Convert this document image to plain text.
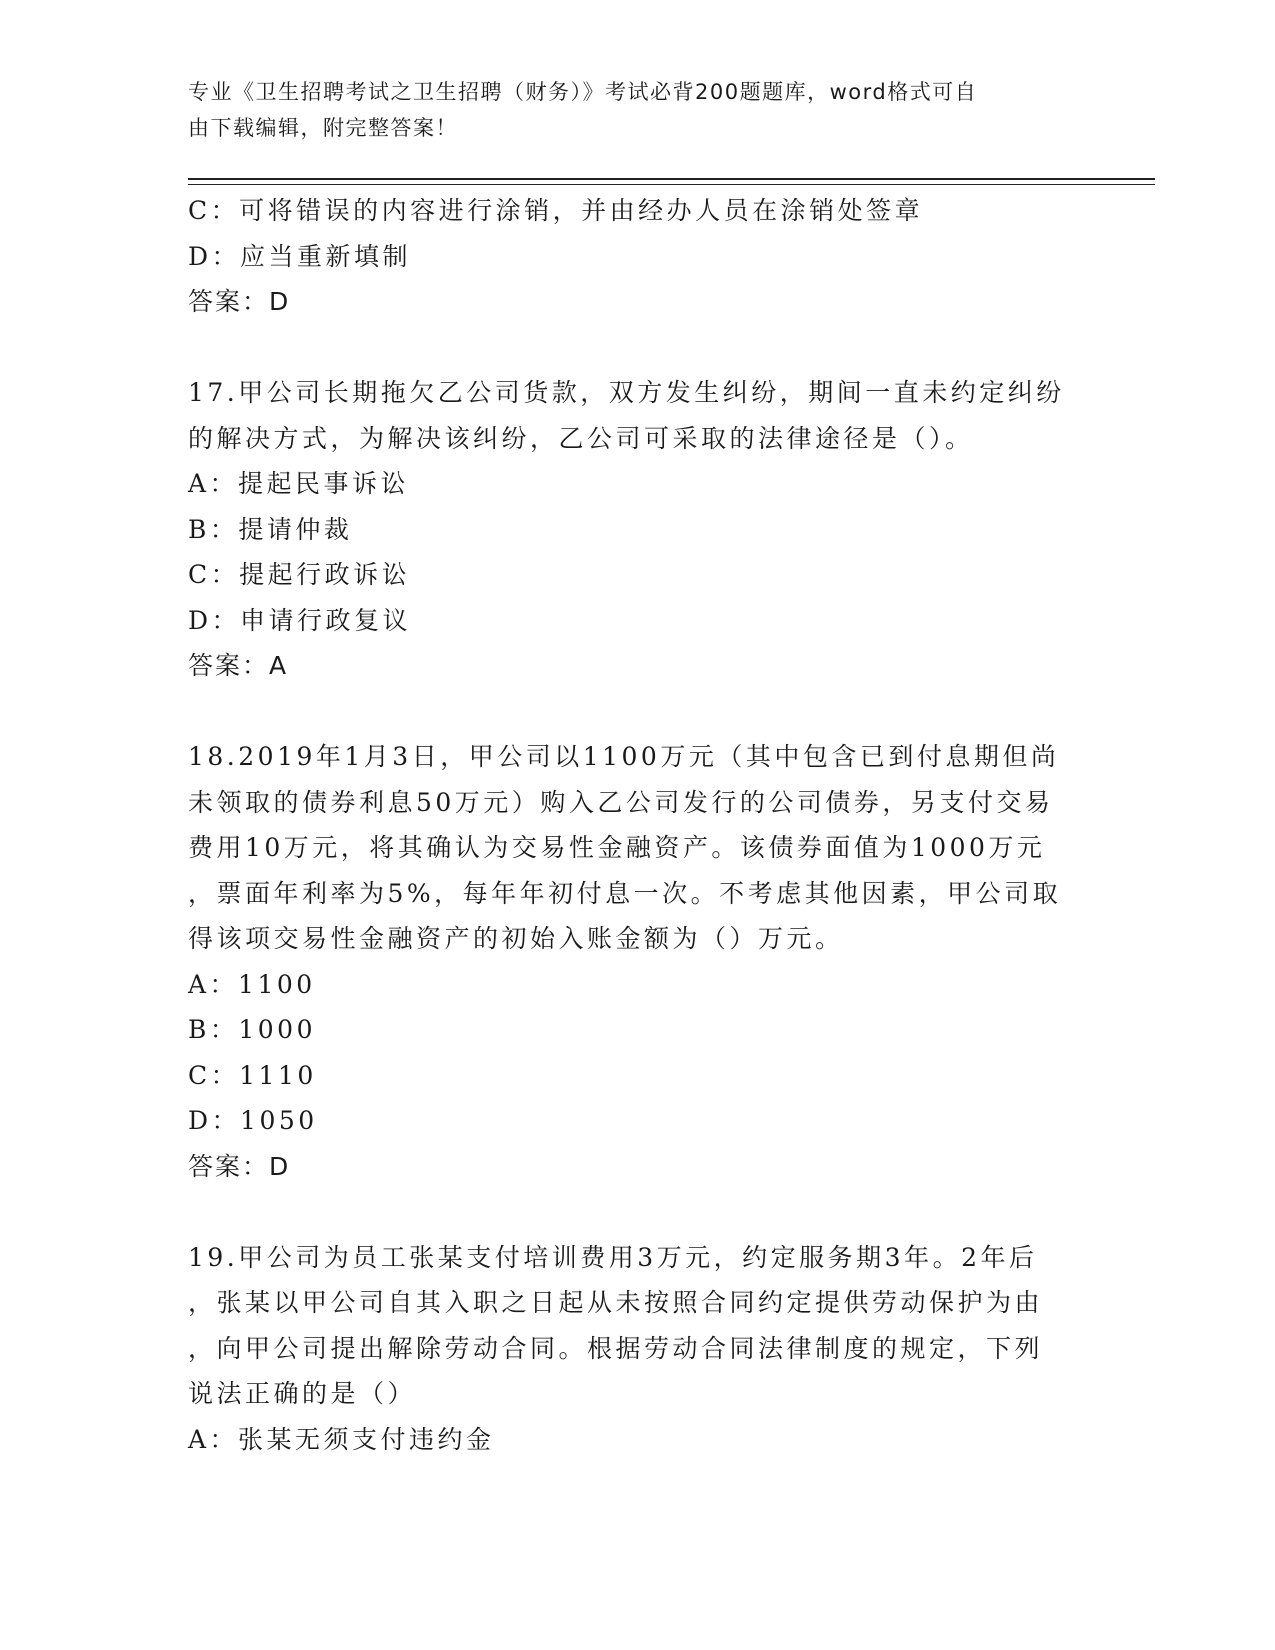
专业《卫生招聘考试之卫生招聘（财务）》考试必背200题题库，word格式可自
由下载编辑，附完整答案！
C：可将错误的内容进行涂销，并由经办人员在涂销处签章
D：应当重新填制
答案：D
17.甲公司长期拖欠乙公司货款，双方发生纠纷，期间一直未约定纠纷
的解决方式，为解决该纠纷，乙公司可采取的法律途径是（）。
A：提起民事诉讼
B：提请仲裁
C：提起行政诉讼
D：申请行政复议
答案：A
18.2019年1月3日，甲公司以1100万元（其中包含已到付息期但尚
未领取的债券利息50万元）购入乙公司发行的公司债券，另支付交易
费用10万元，将其确认为交易性金融资产。该债券面值为1000万元
，票面年利率为5%，每年年初付息一次。不考虑其他因素，甲公司取
得该项交易性金融资产的初始入账金额为（）万元。
A：1100
B：1000
C：1110
D：1050
答案：D
19.甲公司为员工张某支付培训费用3万元，约定服务期3年。2年后
，张某以甲公司自其入职之日起从未按照合同约定提供劳动保护为由
，向甲公司提出解除劳动合同。根据劳动合同法律制度的规定，下列
说法正确的是（）
A：张某无须支付违约金
